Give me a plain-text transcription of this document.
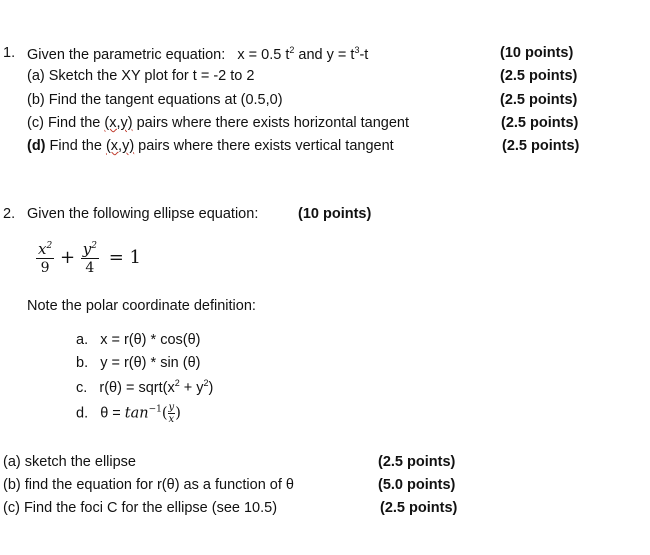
1. Given the parametric equation: x = 0.5 $t^2$ and $y = t^3-t$	(10 points)
(a) Sketch the XY plot for t = -2 to 2	(2.5 points)
(b) Find the tangent equations at (0.5,0)	(2.5 points)
(c) Find the (x,y) pairs where there exists horizontal tangent	(2.5 points)
(d) Find the (x,y) pairs where there exists vertical tangent	(2.5 points)
2. Given the following ellipse equation:	(10 points)
$\frac{x^2}{9} + \frac{y^2}{4} = 1$
Note the polar coordinate definition:
a. x = r(θ) * cos(θ)
b. y = r(θ) * sin (θ)
c. $r(\theta) = sqrt(x^2 + y^2)$
d. $\theta = \tan^{-1}( \frac{y}{x}$ )
(a) sketch the ellipse	(2.5 points)
(b) find the equation for r(θ) as a function of θ	(5.0 points)
(c) Find the foci C for the ellipse (see 10.5)	(2.5 points)
